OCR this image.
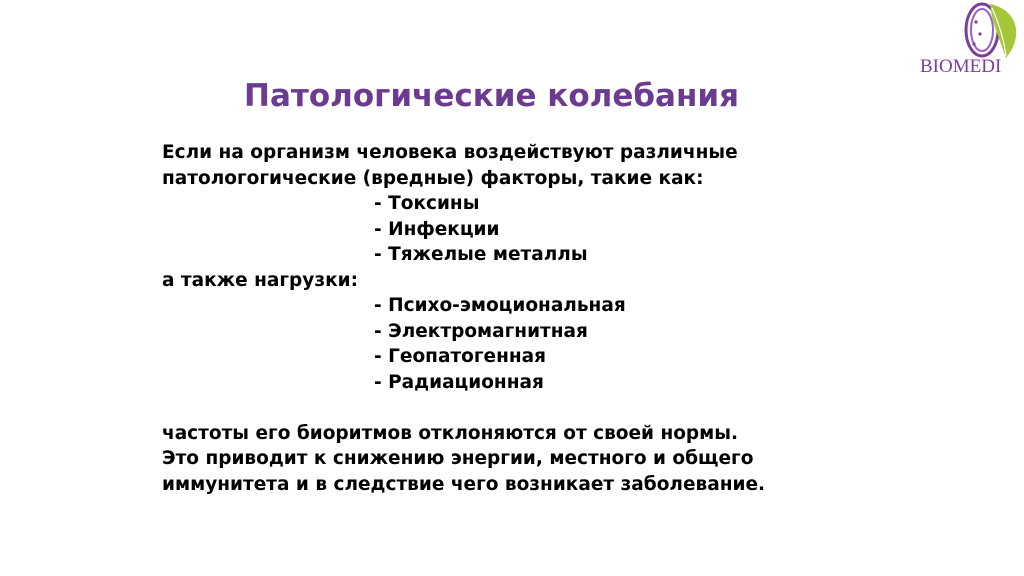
BIOMEDI
Патологические колебания
Если на организм человека воздействуют различные
патологогические (вредные) факторы, такие как:
- Токсины
- Инфекции
- Тяжелые металлы
а также нагрузки:
- Психо-эмоциональная
- Электромагнитная
- Геопатогенная
- Радиационная
частоты его биоритмов отклоняются от своей нормы.
Это приводит к снижению энергии, местного и общего
иммунитета и в следствие чего возникает заболевание.
